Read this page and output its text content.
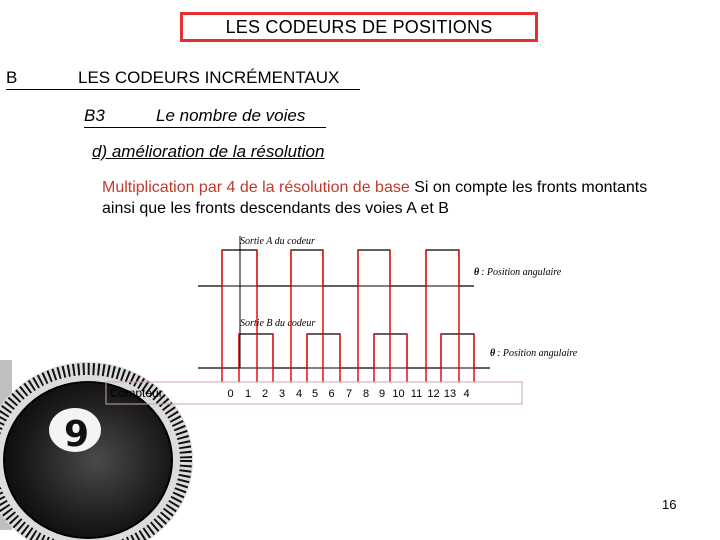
LES CODEURS DE POSITIONS
B	LES CODEURS INCRÉMENTAUX
B3	Le nombre de voies
d) amélioration de la résolution
Multiplication par 4 de la résolution de base Si on compte les fronts montants ainsi que les fronts descendants des voies A et B
9
Sortie A du codeur
θ : Position angulaire
Sortie B du codeur
θ : Position angulaire
Compteur	0 1 2 3 4 5 6 7 8 9 10 11 12 13 4
16
